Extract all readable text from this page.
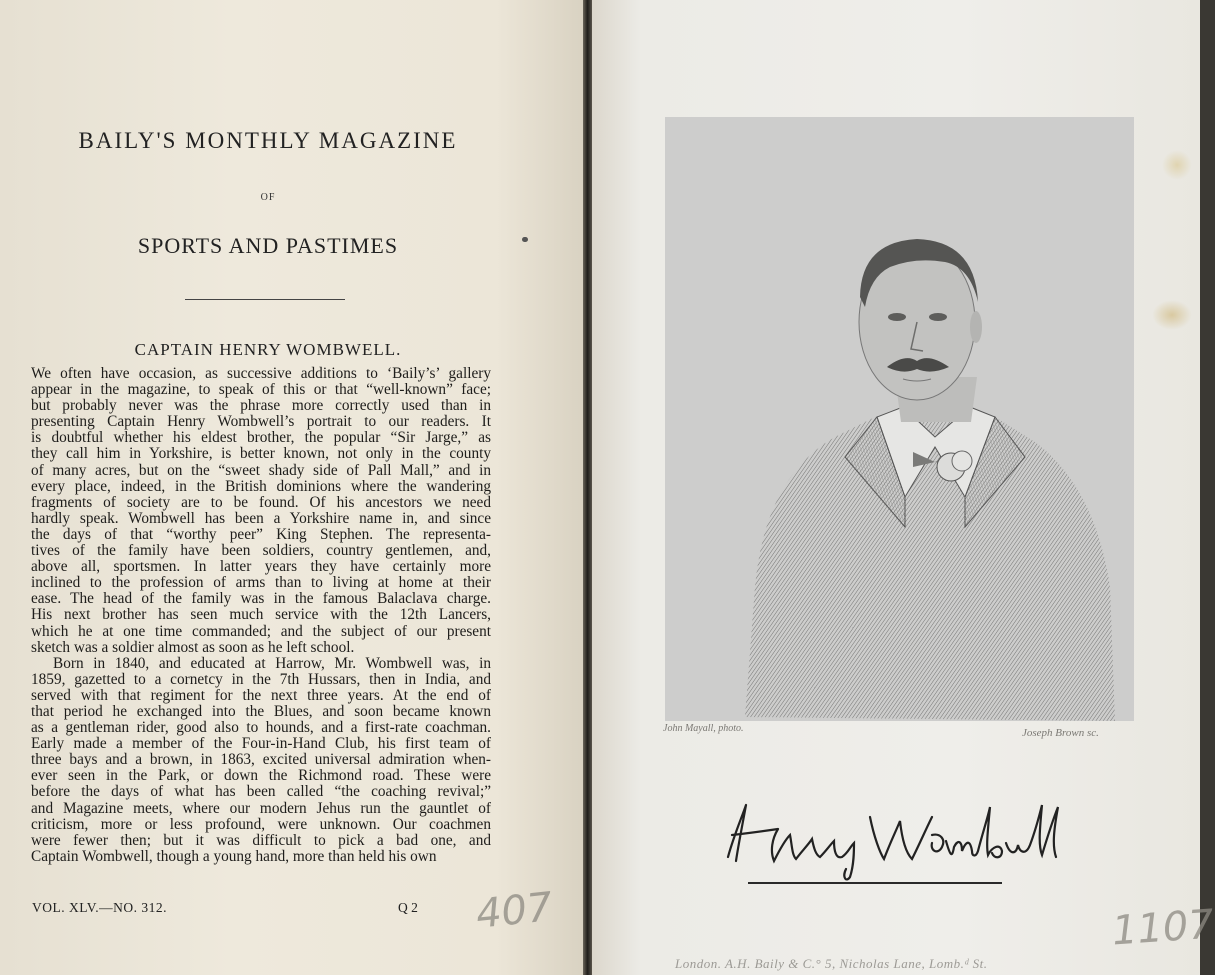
BAILY'S MONTHLY MAGAZINE
OF
SPORTS AND PASTIMES
CAPTAIN HENRY WOMBWELL.
We often have occasion, as successive additions to ‘Baily’s’ gallery
appear in the magazine, to speak of this or that “well-known” face;
but probably never was the phrase more correctly used than in
presenting Captain Henry Wombwell’s portrait to our readers. It
is doubtful whether his eldest brother, the popular “Sir Jarge,” as
they call him in Yorkshire, is better known, not only in the county
of many acres, but on the “sweet shady side of Pall Mall,” and in
every place, indeed, in the British dominions where the wandering
fragments of society are to be found. Of his ancestors we need
hardly speak. Wombwell has been a Yorkshire name in, and since
the days of that “worthy peer” King Stephen. The representa-
tives of the family have been soldiers, country gentlemen, and,
above all, sportsmen. In latter years they have certainly more
inclined to the profession of arms than to living at home at their
ease. The head of the family was in the famous Balaclava charge.
His next brother has seen much service with the 12th Lancers,
which he at one time commanded; and the subject of our present
sketch was a soldier almost as soon as he left school.
Born in 1840, and educated at Harrow, Mr. Wombwell was, in
1859, gazetted to a cornetcy in the 7th Hussars, then in India, and
served with that regiment for the next three years. At the end of
that period he exchanged into the Blues, and soon became known
as a gentleman rider, good also to hounds, and a first-rate coachman.
Early made a member of the Four-in-Hand Club, his first team of
three bays and a brown, in 1863, excited universal admiration when-
ever seen in the Park, or down the Richmond road. These were
before the days of what has been called “the coaching revival;”
and Magazine meets, where our modern Jehus run the gauntlet of
criticism, more or less profound, were unknown. Our coachmen
were fewer then; but it was difficult to pick a bad one, and
Captain Wombwell, though a young hand, more than held his own
VOL. XLV.—NO. 312.	Q 2 407
John Mayall, photo.	Joseph Brown sc.
London. A.H. Baily & C.° 5, Nicholas Lane, Lomb.ᵈ St.
1107
